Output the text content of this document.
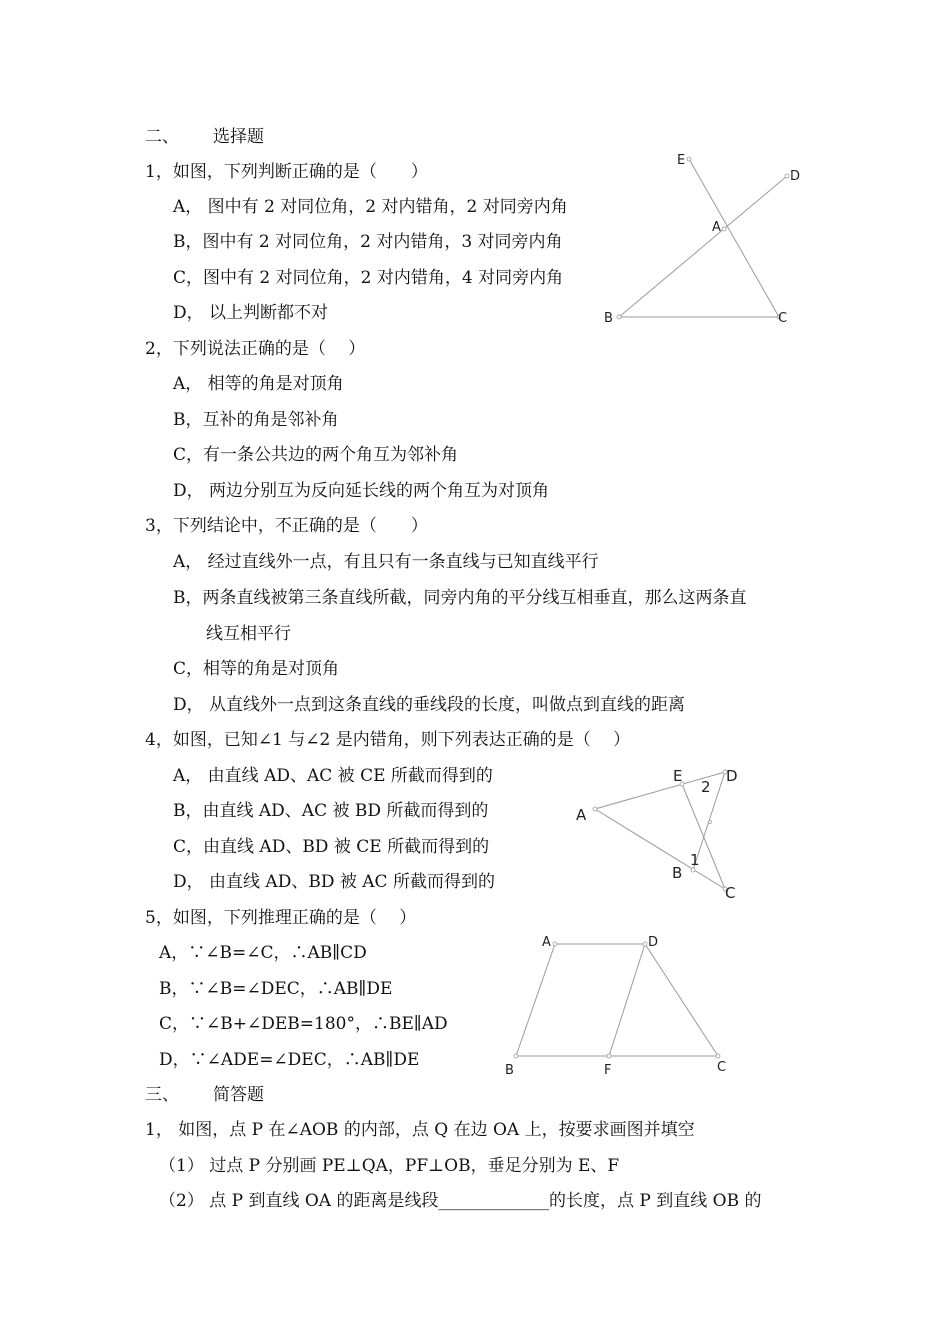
二、 选择题
1，如图，下列判断正确的是（　　）
A， 图中有 2 对同位角，2 对内错角，2 对同旁内角
B，图中有 2 对同位角，2 对内错角，3 对同旁内角
C，图中有 2 对同位角，2 对内错角，4 对同旁内角
D， 以上判断都不对
E
D
A
B	C
2，下列说法正确的是（　 ）
A， 相等的角是对顶角
B，互补的角是邻补角
C，有一条公共边的两个角互为邻补角
D， 两边分别互为反向延长线的两个角互为对顶角
3，下列结论中，不正确的是（　　）
A， 经过直线外一点，有且只有一条直线与已知直线平行
B，两条直线被第三条直线所截，同旁内角的平分线互相垂直，那么这两条直
线互相平行
C，相等的角是对顶角
D， 从直线外一点到这条直线的垂线段的长度，叫做点到直线的距离
4，如图，已知∠1 与∠2 是内错角，则下列表达正确的是（　 ）
A， 由直线 AD、AC 被 CE 所截而得到的
B，由直线 AD、AC 被 BD 所截而得到的
C，由直线 AD、BD 被 CE 所截而得到的
D， 由直线 AD、BD 被 AC 所截而得到的
A
E	D
B
C
1
2
5，如图，下列推理正确的是（　 ）
A，∵∠B=∠C，∴AB∥CD
B，∵∠B=∠DEC，∴AB∥DE
C，∵∠B+∠DEB=180°，∴BE∥AD
D，∵∠ADE=∠DEC，∴AB∥DE
A	D
B	F	C
三、 简答题
1， 如图，点 P 在∠AOB 的内部，点 Q 在边 OA 上，按要求画图并填空
（1） 过点 P 分别画 PE⊥QA，PF⊥OB，垂足分别为 E、F
（2） 点 P 到直线 OA 的距离是线段_____________的长度，点 P 到直线 OB 的
